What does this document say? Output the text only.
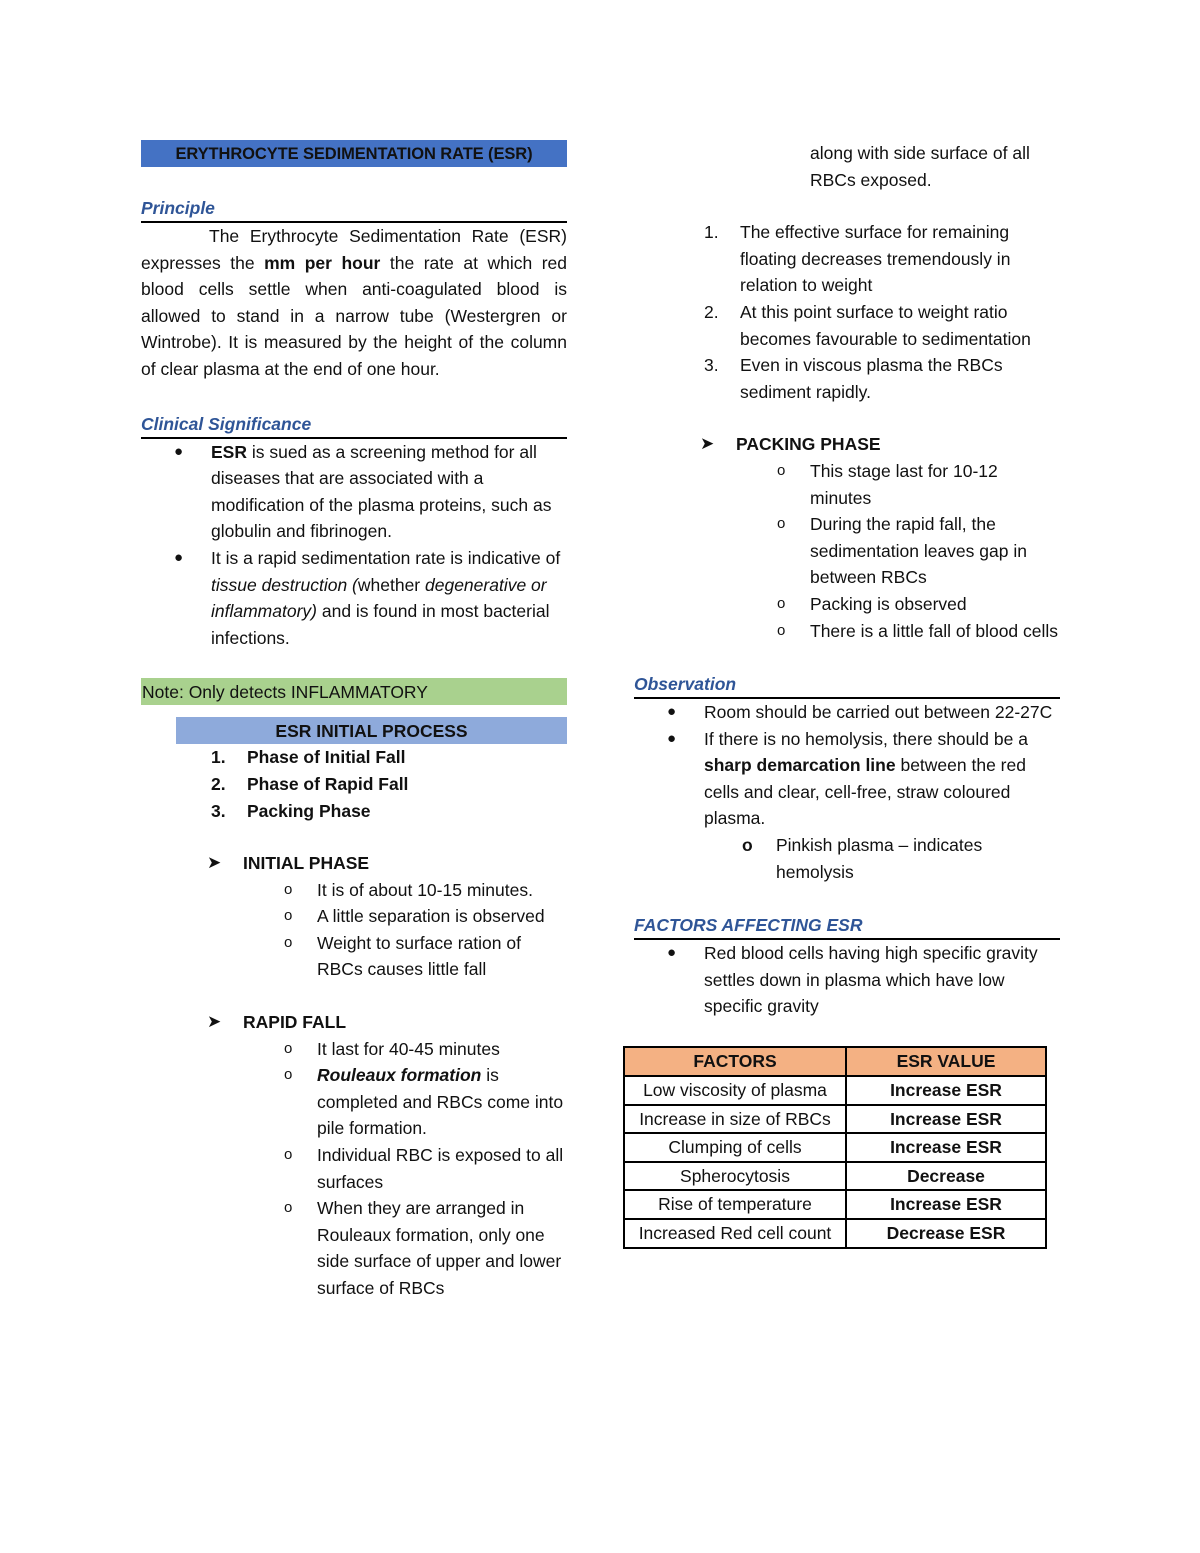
ERYTHROCYTE SEDIMENTATION RATE (ESR)
Principle

The Erythrocyte Sedimentation Rate (ESR) expresses the mm per hour the rate at which red blood cells settle when anti-coagulated blood is allowed to stand in a narrow tube (Westergren or Wintrobe). It is measured by the height of the column of clear plasma at the end of one hour.

Clinical Significance
● ESR is sued as a screening method for all diseases that are associated with a modification of the plasma proteins, such as globulin and fibrinogen.
● It is a rapid sedimentation rate is indicative of tissue destruction (whether degenerative or inflammatory) and is found in most bacterial infections.
Note: Only detects INFLAMMATORY
ESR INITIAL PROCESS
1. Phase of Initial Fall
2. Phase of Rapid Fall
3. Packing Phase
➤ INITIAL PHASE
o It is of about 10-15 minutes.
o A little separation is observed
o Weight to surface ration of RBCs causes little fall
➤ RAPID FALL
o It last for 40-45 minutes
o Rouleaux formation is completed and RBCs come into pile formation.
o Individual RBC is exposed to all surfaces
o When they are arranged in Rouleaux formation, only one side surface of upper and lower surface of RBCs
along with side surface of all RBCs exposed.
1. The effective surface for remaining floating decreases tremendously in relation to weight
2. At this point surface to weight ratio becomes favourable to sedimentation
3. Even in viscous plasma the RBCs sediment rapidly.
➤ PACKING PHASE
o This stage last for 10-12 minutes
o During the rapid fall, the sedimentation leaves gap in between RBCs
o Packing is observed
o There is a little fall of blood cells
Observation
● Room should be carried out between 22-27C
● If there is no hemolysis, there should be a sharp demarcation line between the red cells and clear, cell-free, straw coloured plasma.
o Pinkish plasma – indicates hemolysis
FACTORS AFFECTING ESR
● Red blood cells having high specific gravity settles down in plasma which have low specific gravity
FACTORS	ESR VALUE
Low viscosity of plasma	Increase ESR
Increase in size of RBCs	Increase ESR
Clumping of cells	Increase ESR
Spherocytosis	Decrease
Rise of temperature	Increase ESR
Increased Red cell count	Decrease ESR
